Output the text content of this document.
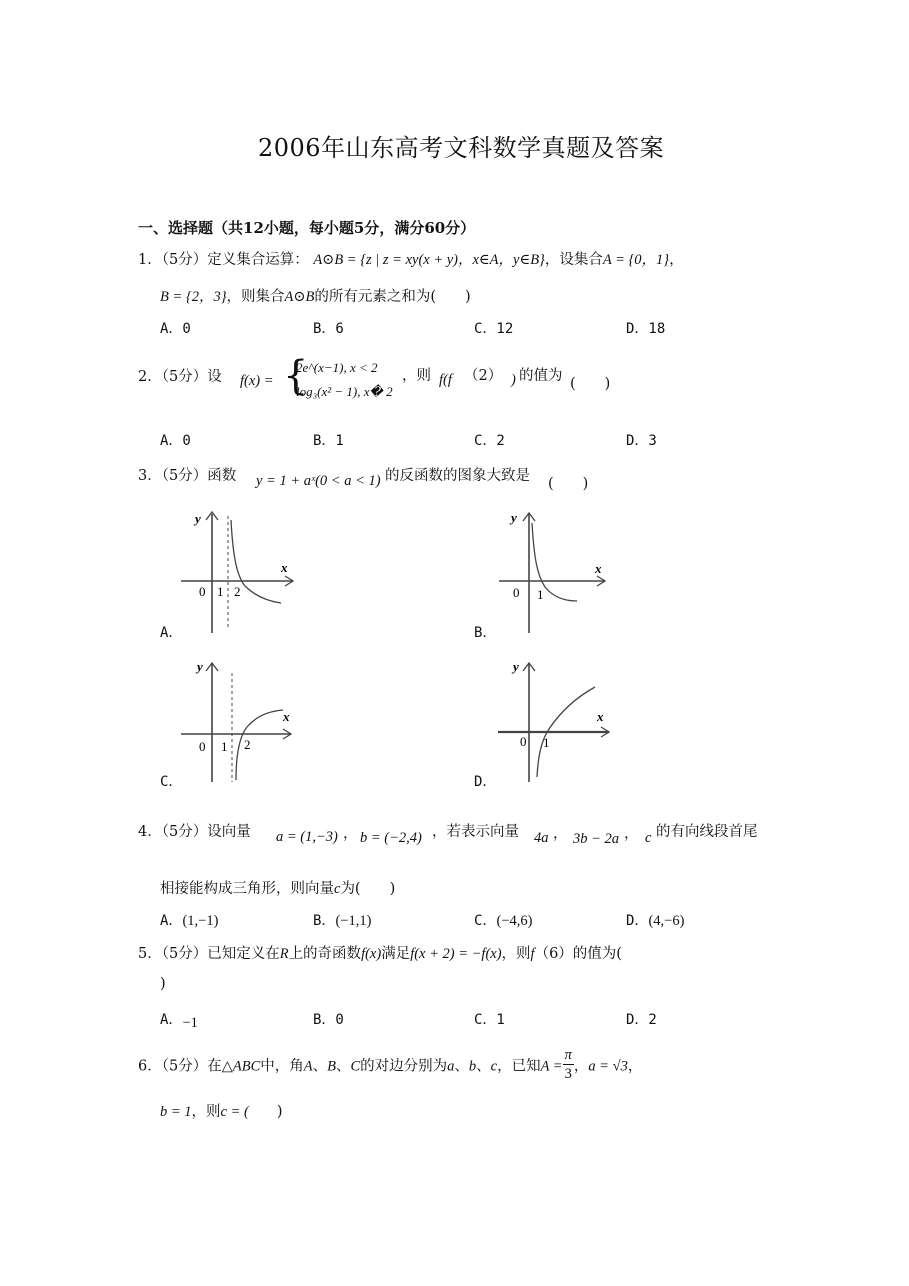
2006年山东高考文科数学真题及答案
一、选择题（共12小题，每小题5分，满分60分）
1．（5分）定义集合运算： A⊙B = {z | z = xy(x + y)，x∈A，y∈B}，设集合A = {0，1}，
B = {2，3}，则集合A⊙B的所有元素之和为(　　)
A．0	B．6	C．12	D．18
2．（5分）设 f(x) = {
2e^(x−1), x < 2
log₃(x² − 1), x� 2
，则 f(f （2） ) 的值为 (　　)
A．0	B．1	C．2	D．3
3．（5分）函数 y = 1 + aˣ(0 < a < 1) 的反函数的图象大致是 (　　)
y
x
0 1 2
A．
y
x
0 1
B．
y
x
0 1 2
C．
y
x
0 1
D．
4．（5分）设向量 a = (1,−3) ， b = (−2,4) ，若表示向量 4a ， 3b − 2a ， c 的有向线段首尾
相接能构成三角形，则向量c为(　　)
A．(1,−1)	B．(−1,1)	C．(−4,6)	D．(4,−6)
5．（5分）已知定义在R上的奇函数f(x)满足f(x + 2) = −f(x)，则f（6）的值为(
)
A．−1	B．0	C．1	D．2
6．（5分）在△ABC中，角A、B、C的对边分别为a、b、c，已知$A = \frac{\pi}{3}$ ，a = √3，
b = 1，则c = ( )
